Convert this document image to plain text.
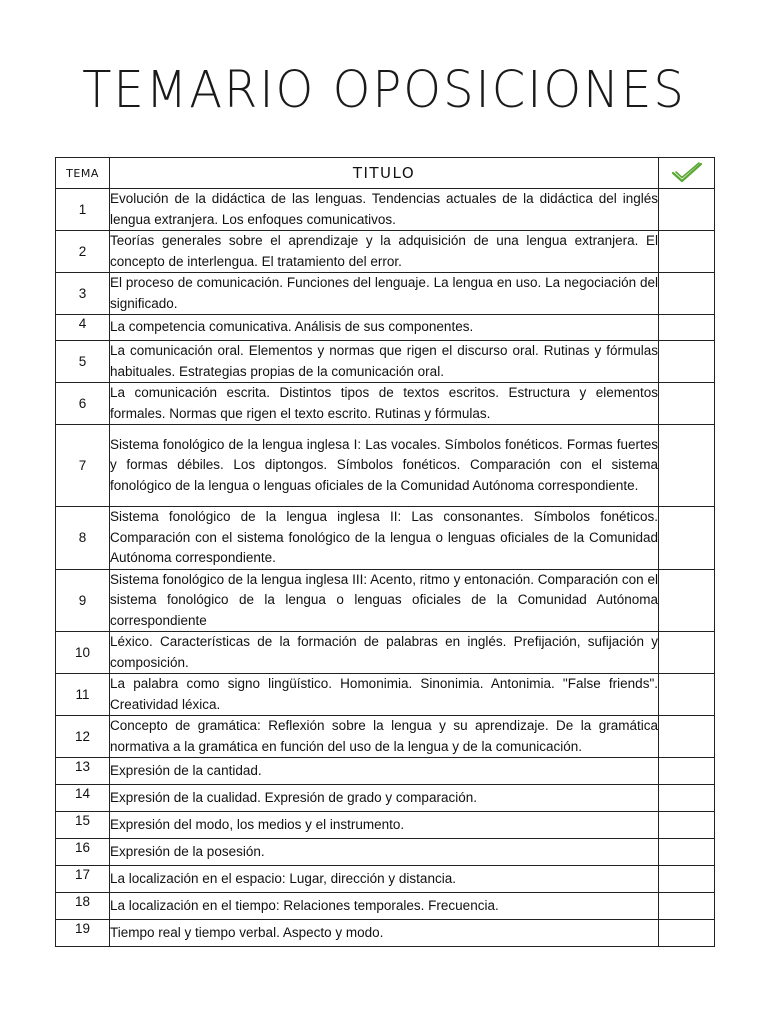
TEMARIO OPOSICIONES
TEMA	TITULO	

1	Evolución de la didáctica de las lenguas. Tendencias actuales de la didáctica del inglés lengua extranjera. Los enfoques comunicativos.	
2	Teorías generales sobre el aprendizaje y la adquisición de una lengua extranjera. El concepto de interlengua. El tratamiento del error.	
3	El proceso de comunicación. Funciones del lenguaje. La lengua en uso. La negociación del significado.	
4	La competencia comunicativa. Análisis de sus componentes.	
5	La comunicación oral. Elementos y normas que rigen el discurso oral. Rutinas y fórmulas habituales. Estrategias propias de la comunicación oral.	
6	La comunicación escrita. Distintos tipos de textos escritos. Estructura y elementos formales. Normas que rigen el texto escrito. Rutinas y fórmulas.	
7	Sistema fonológico de la lengua inglesa I: Las vocales. Símbolos fonéticos. Formas fuertes y formas débiles. Los diptongos. Símbolos fonéticos. Comparación con el sistema fonológico de la lengua o lenguas oficiales de la Comunidad Autónoma correspondiente.	
8	Sistema fonológico de la lengua inglesa II: Las consonantes. Símbolos fonéticos. Comparación con el sistema fonológico de la lengua o lenguas oficiales de la Comunidad Autónoma correspondiente.	
9	Sistema fonológico de la lengua inglesa III: Acento, ritmo y entonación. Comparación con el sistema fonológico de la lengua o lenguas oficiales de la Comunidad Autónoma correspondiente	
10	Léxico. Características de la formación de palabras en inglés. Prefijación, sufijación y composición.	
11	La palabra como signo lingüístico. Homonimia. Sinonimia. Antonimia. "False friends". Creatividad léxica.	
12	Concepto de gramática: Reflexión sobre la lengua y su aprendizaje. De la gramática normativa a la gramática en función del uso de la lengua y de la comunicación.	
13	Expresión de la cantidad.	
14	Expresión de la cualidad. Expresión de grado y comparación.	
15	Expresión del modo, los medios y el instrumento.	
16	Expresión de la posesión.	
17	La localización en el espacio: Lugar, dirección y distancia.	
18	La localización en el tiempo: Relaciones temporales. Frecuencia.	
19	Tiempo real y tiempo verbal. Aspecto y modo.	
